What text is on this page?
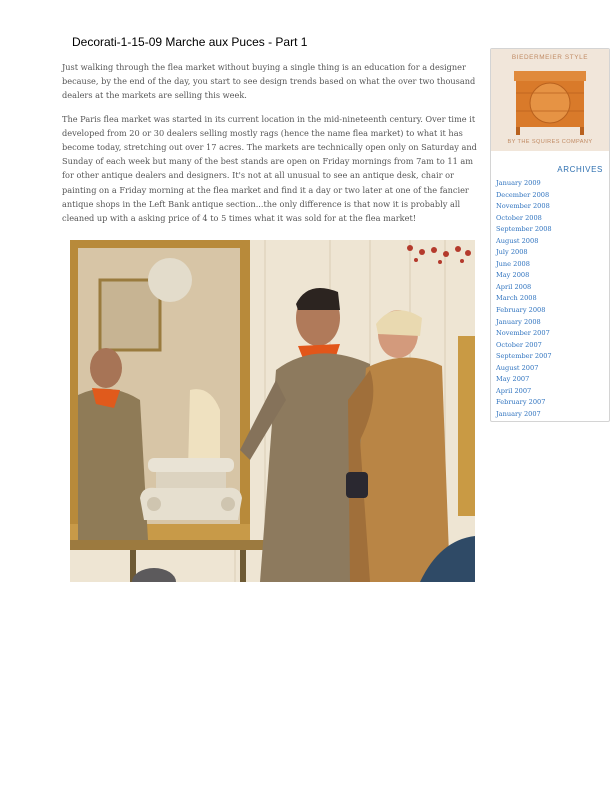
Decorati-1-15-09 Marche aux Puces - Part 1

Just walking through the flea market without buying a single thing is an education for a designer because, by the end of the day, you start to see design trends based on what the over two thousand dealers at the markets are selling this week.

The Paris flea market was started in its current location in the mid-nineteenth century. Over time it developed from 20 or 30 dealers selling mostly rags (hence the name flea market) to what it has become today, stretching out over 17 acres. The markets are technically open only on Saturday and Sunday of each week but many of the best stands are open on Friday mornings from 7am to 11 am for other antique dealers and designers. It's not at all unusual to see an antique desk, chair or painting on a Friday morning at the flea market and find it a day or two later at one of the fancier antique shops in the Left Bank antique section...the only difference is that now it is probably all cleaned up with a asking price of 4 to 5 times what it was sold for at the flea market!

BIEDERMEIER STYLE
BY THE SQUIRES COMPANY
ARCHIVES
January 2009
December 2008
November 2008
October 2008
September 2008
August 2008
July 2008
June 2008
May 2008
April 2008
March 2008
February 2008
January 2008
November 2007
October 2007
September 2007
August 2007
May 2007
April 2007
February 2007
January 2007
